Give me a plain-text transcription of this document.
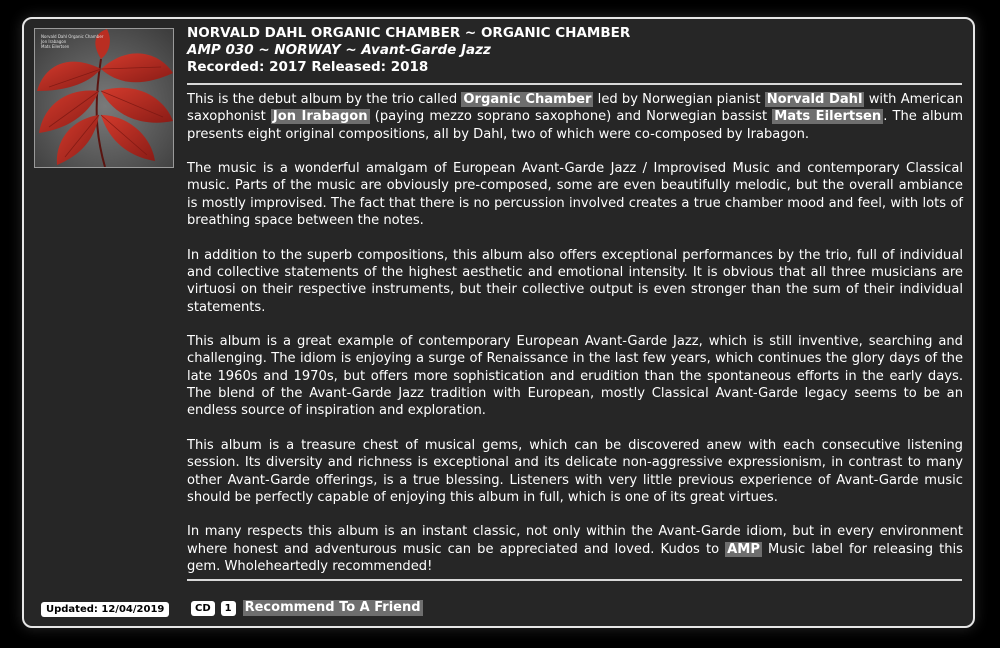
Norvald Dahl Organic Chamber
Jon Irabagon
Mats Eilertsen
NORVALD DAHL ORGANIC CHAMBER ~ ORGANIC CHAMBER
AMP 030 ~ NORWAY ~ Avant-Garde Jazz
Recorded: 2017 Released: 2018

This is the debut album by the trio called Organic Chamber led by Norwegian pianist Norvald Dahl with American saxophonist Jon Irabagon (paying mezzo soprano saxophone) and Norwegian bassist Mats Eilertsen . The album presents eight original compositions, all by Dahl, two of which were co-composed by Irabagon.

The music is a wonderful amalgam of European Avant-Garde Jazz / Improvised Music and contemporary Classical music. Parts of the music are obviously pre-composed, some are even beautifully melodic, but the overall ambiance is mostly improvised. The fact that there is no percussion involved creates a true chamber mood and feel, with lots of breathing space between the notes.

In addition to the superb compositions, this album also offers exceptional performances by the trio, full of individual and collective statements of the highest aesthetic and emotional intensity. It is obvious that all three musicians are virtuosi on their respective instruments, but their collective output is even stronger than the sum of their individual statements.

This album is a great example of contemporary European Avant-Garde Jazz, which is still inventive, searching and challenging. The idiom is enjoying a surge of Renaissance in the last few years, which continues the glory days of the late 1960s and 1970s, but offers more sophistication and erudition than the spontaneous efforts in the early days. The blend of the Avant-Garde Jazz tradition with European, mostly Classical Avant-Garde legacy seems to be an endless source of inspiration and exploration.

This album is a treasure chest of musical gems, which can be discovered anew with each consecutive listening session. Its diversity and richness is exceptional and its delicate non-aggressive expressionism, in contrast to many other Avant-Garde offerings, is a true blessing. Listeners with very little previous experience of Avant-Garde music should be perfectly capable of enjoying this album in full, which is one of its great virtues.

In many respects this album is an instant classic, not only within the Avant-Garde idiom, but in every environment where honest and adventurous music can be appreciated and loved. Kudos to AMP Music label for releasing this gem. Wholeheartedly recommended!

Updated: 12/04/2019	CD	1	Recommend To A Friend
